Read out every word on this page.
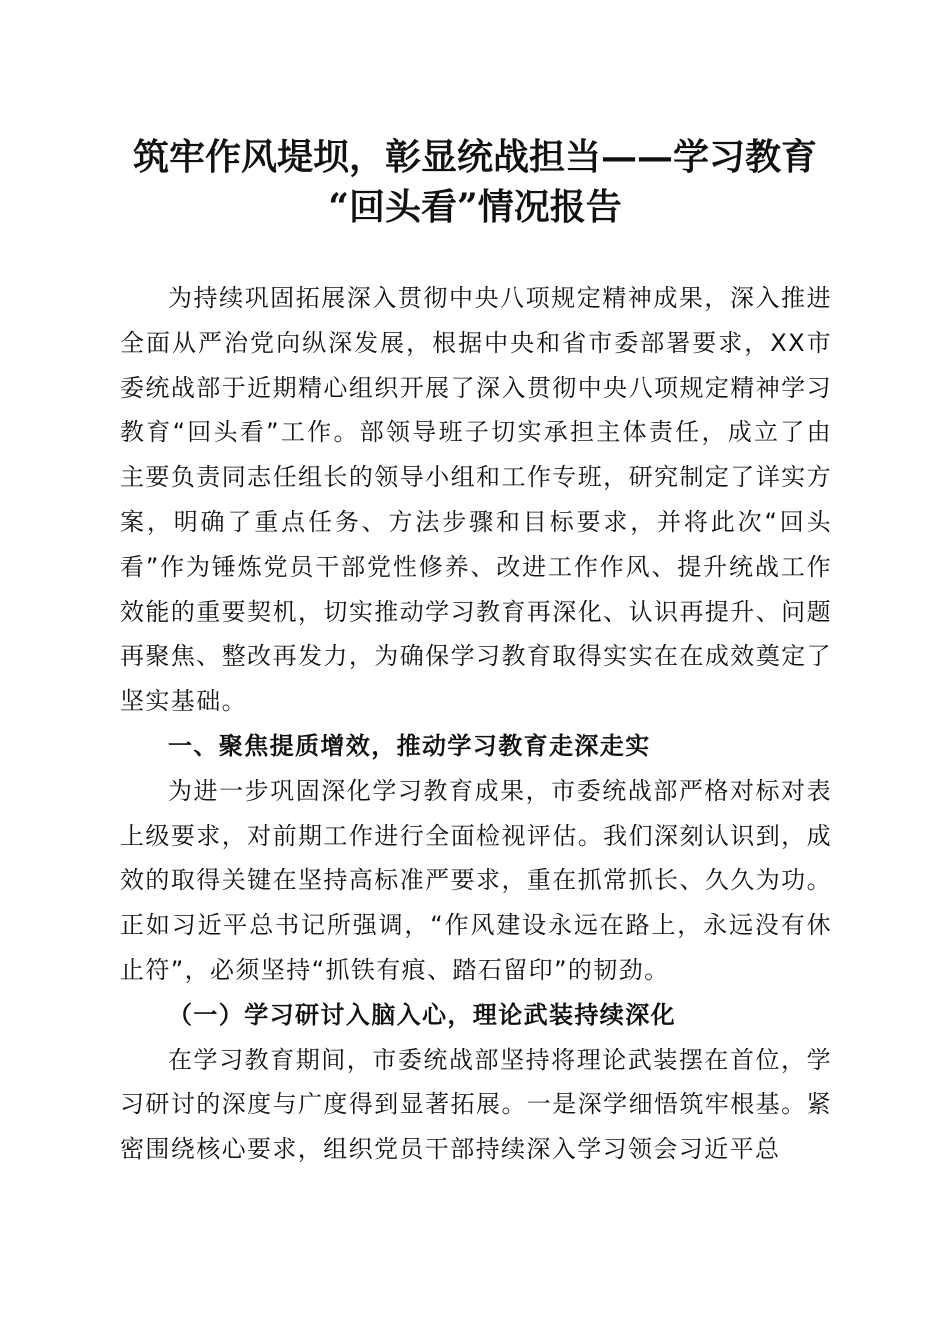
筑牢作风堤坝，彰显统战担当——学习教育
“回头看”情况报告

为持续巩固拓展深入贯彻中央八项规定精神成果，深入推进全面从严治党向纵深发展，根据中央和省市委部署要求，XX市委统战部于近期精心组织开展了深入贯彻中央八项规定精神学习教育“回头看”工作。部领导班子切实承担主体责任，成立了由主要负责同志任组长的领导小组和工作专班，研究制定了详实方案，明确了重点任务、方法步骤和目标要求，并将此次“回头看”作为锤炼党员干部党性修养、改进工作作风、提升统战工作效能的重要契机，切实推动学习教育再深化、认识再提升、问题再聚焦、整改再发力，为确保学习教育取得实实在在成效奠定了坚实基础。

一、聚焦提质增效，推动学习教育走深走实

为进一步巩固深化学习教育成果，市委统战部严格对标对表上级要求，对前期工作进行全面检视评估。我们深刻认识到，成效的取得关键在坚持高标准严要求，重在抓常抓长、久久为功。正如习近平总书记所强调，“作风建设永远在路上，永远没有休止符”，必须坚持“抓铁有痕、踏石留印”的韧劲。

（一）学习研讨入脑入心，理论武装持续深化

在学习教育期间，市委统战部坚持将理论武装摆在首位，学习研讨的深度与广度得到显著拓展。一是深学细悟筑牢根基。紧密围绕核心要求，组织党员干部持续深入学习领会习近平总
